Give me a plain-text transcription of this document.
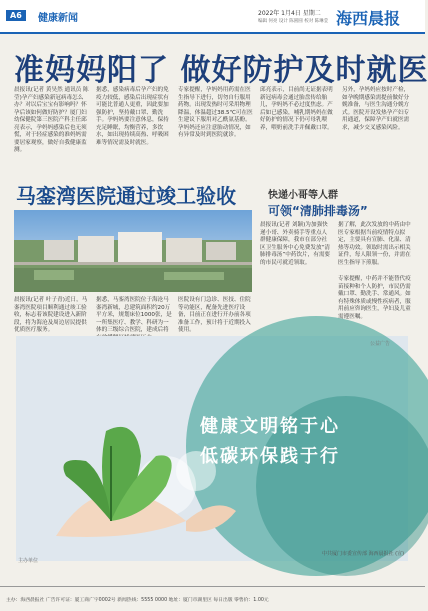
A6	健康新闻	2022年 1月4日 星期二
编辑 何亮 设计 陈圆圆 校对 陈琳莹 海西晨报
准妈妈阳了 做好防护及时就医
晨报讯(记者 黄昊然 通讯员 陈莹)孕产妇感染新冠病毒怎么办？对以后宝宝有影响吗？怀孕后该如何做好防护？厦门妇幼保健院第三医院产科主任邱亮表示，孕妈妈感染后也无须慌，对于轻症感染的准妈妈需要居家观察，做好自我健康监测。
据悉，感染病毒后孕产妇的免疫力较低，感染后出现症状有可能比普通人更重，因此要加强防护，坚持戴口罩、勤洗手。孕妈妈要注意休息，保持充足睡眠，均衡营养，多饮水，如出现持续高热、呼吸困难等情况需及时就医。
专家提醒，孕妈妈用药需在医生指导下进行，切勿自行服用药物。出现发热时可采用物理降温，体温超过38.5℃可在医生建议下服用对乙酰氨基酚。孕妈妈还应注意胎动情况，如有异常及时到医院就诊。
邱亮表示，目前尚无证据表明新冠病毒会通过胎盘传给胎儿，孕妈妈不必过度焦虑。产后如已感染，哺乳期妈妈在做好防护的情况下仍可母乳喂养，喂奶前洗手并佩戴口罩。
另外，孕妈妈应按时产检，如孕晚期感染需提前做好分娩准备，与医生沟通分娩方式。医院开设发热孕产妇专用通道，保障孕产妇就医需求，减少交叉感染风险。
马銮湾医院通过竣工验收
晨报讯(记者 叶子青)近日，马銮湾医院项目顺利通过竣工验收，标志着该院建设进入新阶段，将为海沧及周边居民提供优质医疗服务。
据悉，马銮湾医院位于海沧马銮湾新城，总建筑面积约20万平方米，规划床位1000张，是一所集医疗、教学、科研为一体的三级综合医院，建成后将
医院设有门急诊、医技、住院等功能区，配备先进医疗设备，目前正在进行开办前各项准备工作，预计将于近期投入使用。
快递小哥等人群
可领“清肺排毒汤”
晨报讯(记者 刘颖)为加强快递小哥、外卖骑手等重点人群健康保障，我市在部分社区卫生服务中心免费发放“清肺排毒汤”中药饮片，有需要的市民可就近领取。
据了解，此次发放的中药由中医专家根据当前疫情特点拟定，主要具有宣肺、化湿、清热等功效。领取时需出示相关证件，每人限领一份，并需在医生指导下煎服。
专家提醒，中药并不能替代疫苗接种和个人防护，市民仍需戴口罩、勤洗手、常通风。如有特殊体质或慢性疾病者，服用前应咨询医生，孕妇及儿童需遵医嘱。
公益广告
健康文明铭于心
低碳环保践于行
主办单位
中共厦门市委宣传部 海西晨报社 (宣)
主办：海西晨报社 广告许可证：厦工商广字0002号 新闻热线：5555 0000 地址：厦门市湖里区 每日出版 零售价：1.00元
